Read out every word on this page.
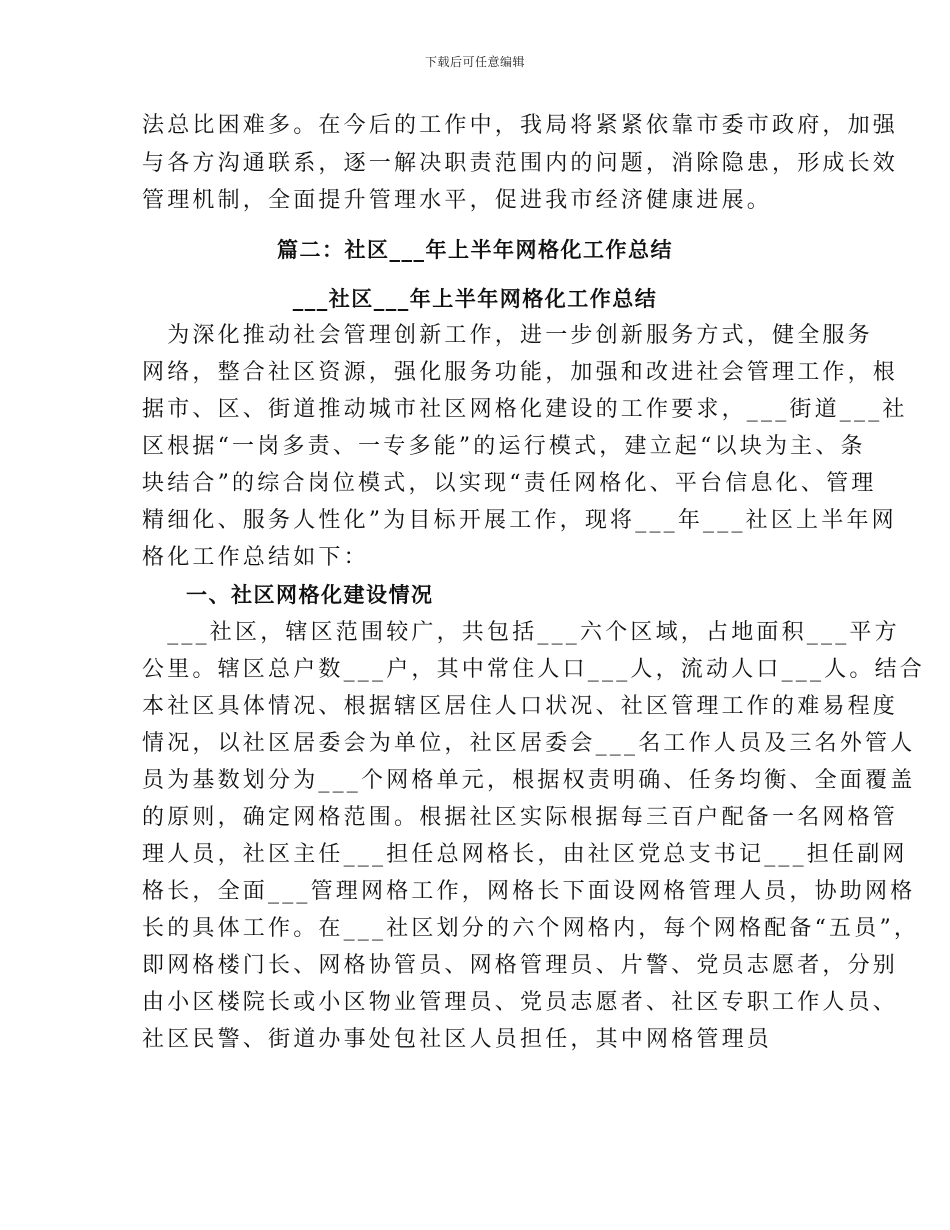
下载后可任意编辑
法总比困难多。在今后的工作中，我局将紧紧依靠市委市政府，加强
与各方沟通联系，逐一解决职责范围内的问题，消除隐患，形成长效
管理机制，全面提升管理水平，促进我市经济健康进展。
篇二：社区___年上半年网格化工作总结
___社区___年上半年网格化工作总结
　为深化推动社会管理创新工作，进一步创新服务方式，健全服务
网络，整合社区资源，强化服务功能，加强和改进社会管理工作，根
据市、区、街道推动城市社区网格化建设的工作要求，___街道___社
区根据“一岗多责、一专多能”的运行模式，建立起“以块为主、条
块结合”的综合岗位模式，以实现“责任网格化、平台信息化、管理
精细化、服务人性化”为目标开展工作，现将___年___社区上半年网
格化工作总结如下：
一、社区网格化建设情况
　___社区，辖区范围较广，共包括___六个区域，占地面积___平方
公里。辖区总户数___户，其中常住人口___人，流动人口___人。结合
本社区具体情况、根据辖区居住人口状况、社区管理工作的难易程度
情况，以社区居委会为单位，社区居委会___名工作人员及三名外管人
员为基数划分为___个网格单元，根据权责明确、任务均衡、全面覆盖
的原则，确定网格范围。根据社区实际根据每三百户配备一名网格管
理人员，社区主任___担任总网格长，由社区党总支书记___担任副网
格长，全面___管理网格工作，网格长下面设网格管理人员，协助网格
长的具体工作。在___社区划分的六个网格内，每个网格配备“五员”，
即网格楼门长、网格协管员、网格管理员、片警、党员志愿者，分别
由小区楼院长或小区物业管理员、党员志愿者、社区专职工作人员、
社区民警、街道办事处包社区人员担任，其中网格管理员
